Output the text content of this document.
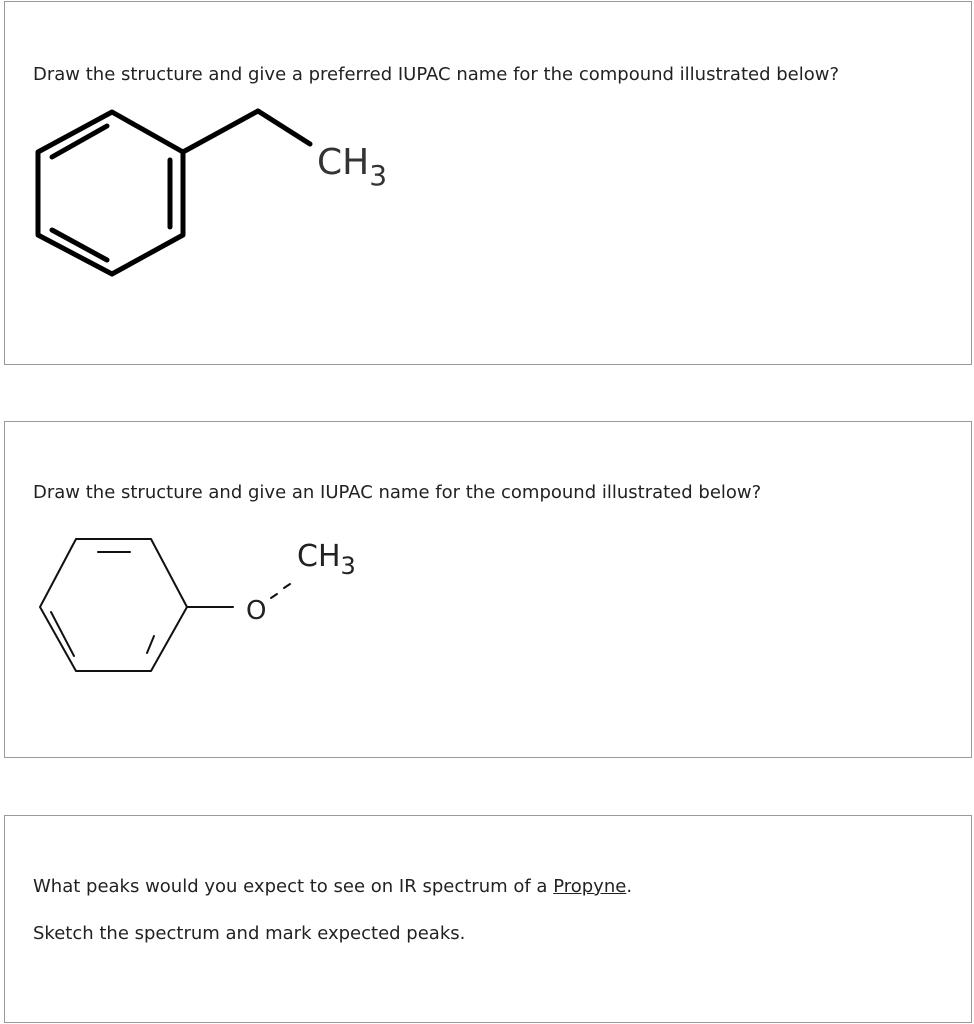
Draw the structure and give a preferred IUPAC name for the compound illustrated below?

$CH_3$

Draw the structure and give an IUPAC name for the compound illustrated below?

O
$CH_3$

What peaks would you expect to see on IR spectrum of a Propyne.

Sketch the spectrum and mark expected peaks.
